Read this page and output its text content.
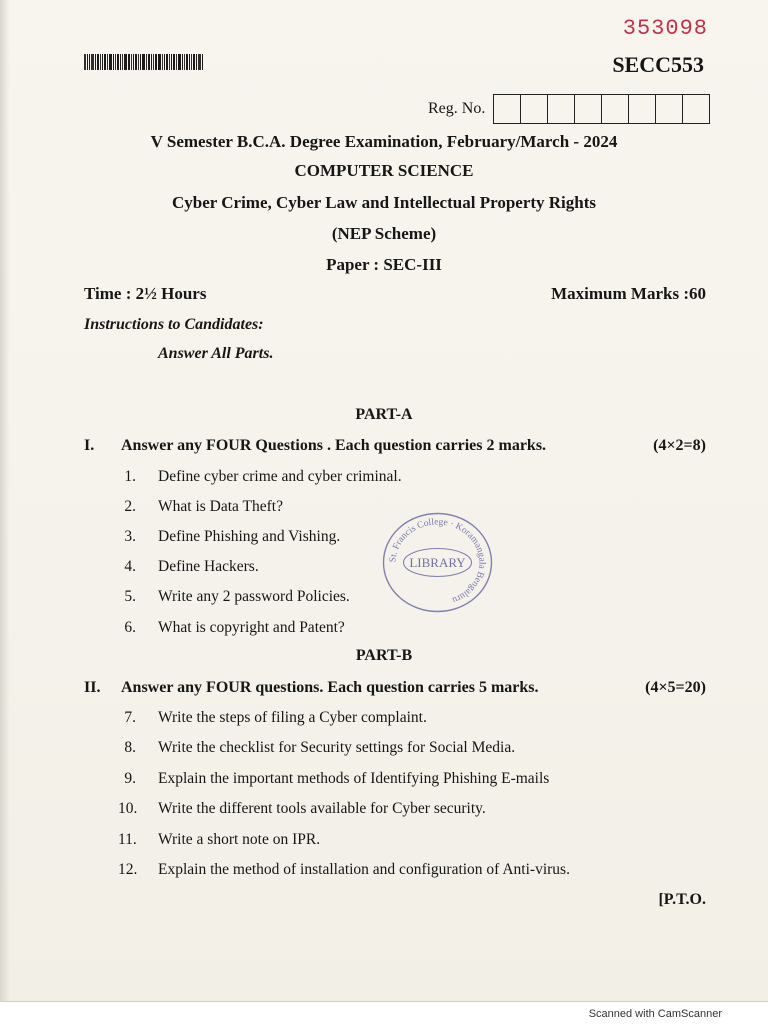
353098
SECC553
Reg. No.
V Semester B.C.A. Degree Examination, February/March - 2024
COMPUTER SCIENCE
Cyber Crime, Cyber Law and Intellectual Property Rights
(NEP Scheme)
Paper : SEC-III
Time : 2½ Hours	Maximum Marks :60
Instructions to Candidates:
Answer All Parts.
PART-A
I. Answer any FOUR Questions . Each question carries 2 marks.	(4×2=8)
1. Define cyber crime and cyber criminal.
2. What is Data Theft?
3. Define Phishing and Vishing.
4. Define Hackers.
5. Write any 2 password Policies.
6. What is copyright and Patent?
St. Francis College · Koramangala Bengaluru
LIBRARY
PART-B
II. Answer any FOUR questions. Each question carries 5 marks.	(4×5=20)
7. Write the steps of filing a Cyber complaint.
8. Write the checklist for Security settings for Social Media.
9. Explain the important methods of Identifying Phishing E-mails
10. Write the different tools available for Cyber security.
11. Write a short note on IPR.
12. Explain the method of installation and configuration of Anti-virus.
[P.T.O.
Scanned with CamScanner
